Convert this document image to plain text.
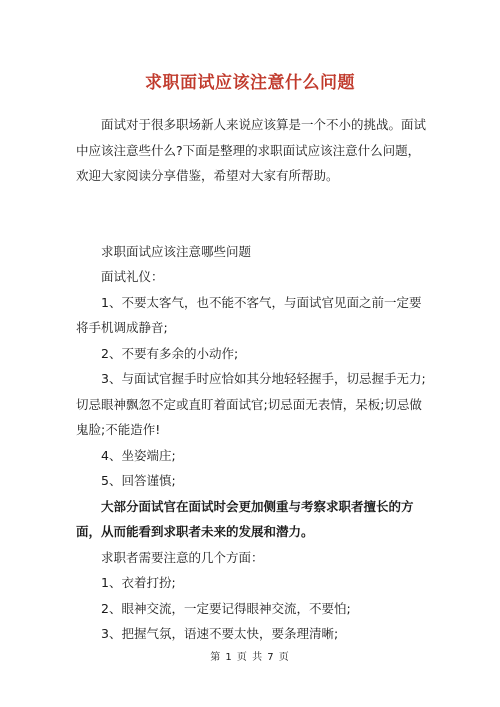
求职面试应该注意什么问题

面试对于很多职场新人来说应该算是一个不小的挑战。面试中应该注意些什么?下面是整理的求职面试应该注意什么问题，欢迎大家阅读分享借鉴，希望对大家有所帮助。

求职面试应该注意哪些问题

面试礼仪：

1、不要太客气，也不能不客气，与面试官见面之前一定要将手机调成静音;

2、不要有多余的小动作;

3、与面试官握手时应恰如其分地轻轻握手，切忌握手无力;切忌眼神飘忽不定或直盯着面试官;切忌面无表情，呆板;切忌做鬼脸;不能造作!

4、坐姿端庄;

5、回答谨慎;

大部分面试官在面试时会更加侧重与考察求职者擅长的方面，从而能看到求职者未来的发展和潜力。

求职者需要注意的几个方面：

1、衣着打扮;

2、眼神交流，一定要记得眼神交流，不要怕;

3、把握气氛，语速不要太快，要条理清晰;

第 1 页 共 7 页
